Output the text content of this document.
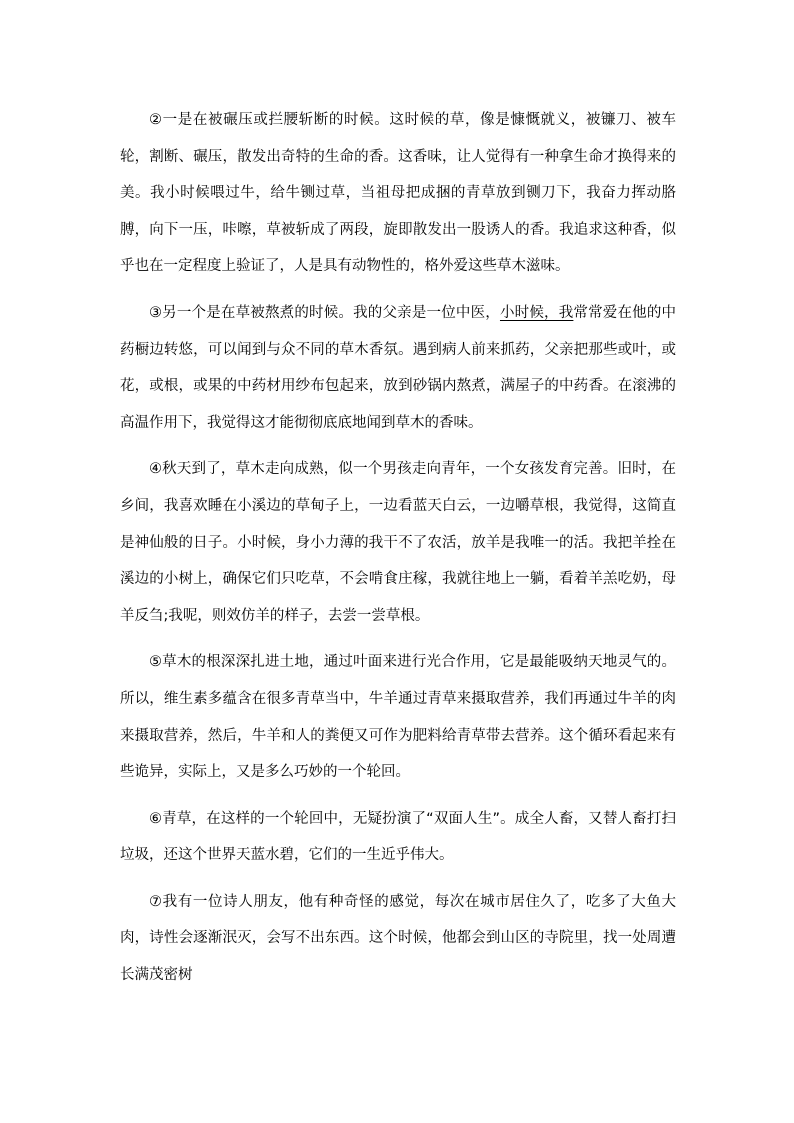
②一是在被碾压或拦腰斩断的时候。这时候的草，像是慷慨就义，被镰刀、被车轮，割断、碾压，散发出奇特的生命的香。这香味，让人觉得有一种拿生命才换得来的美。我小时候喂过牛，给牛铡过草，当祖母把成捆的青草放到铡刀下，我奋力挥动胳膊，向下一压，咔嚓，草被斩成了两段，旋即散发出一股诱人的香。我追求这种香，似乎也在一定程度上验证了，人是具有动物性的，格外爱这些草木滋味。

③另一个是在草被熬煮的时候。我的父亲是一位中医，小时候，我常常爱在他的中药橱边转悠，可以闻到与众不同的草木香氛。遇到病人前来抓药，父亲把那些或叶，或花，或根，或果的中药材用纱布包起来，放到砂锅内熬煮，满屋子的中药香。在滚沸的高温作用下，我觉得这才能彻彻底底地闻到草木的香味。

④秋天到了，草木走向成熟，似一个男孩走向青年，一个女孩发育完善。旧时，在乡间，我喜欢睡在小溪边的草甸子上，一边看蓝天白云，一边嚼草根，我觉得，这简直是神仙般的日子。小时候，身小力薄的我干不了农活，放羊是我唯一的活。我把羊拴在溪边的小树上，确保它们只吃草，不会啃食庄稼，我就往地上一躺，看着羊羔吃奶，母羊反刍;我呢，则效仿羊的样子，去尝一尝草根。

⑤草木的根深深扎进土地，通过叶面来进行光合作用，它是最能吸纳天地灵气的。所以，维生素多蕴含在很多青草当中，牛羊通过青草来摄取营养，我们再通过牛羊的肉来摄取营养，然后，牛羊和人的粪便又可作为肥料给青草带去营养。这个循环看起来有些诡异，实际上，又是多么巧妙的一个轮回。

⑥青草，在这样的一个轮回中，无疑扮演了“双面人生”。成全人畜，又替人畜打扫垃圾，还这个世界天蓝水碧，它们的一生近乎伟大。

⑦我有一位诗人朋友，他有种奇怪的感觉，每次在城市居住久了，吃多了大鱼大肉，诗性会逐渐泯灭，会写不出东西。这个时候，他都会到山区的寺院里，找一处周遭长满茂密树
